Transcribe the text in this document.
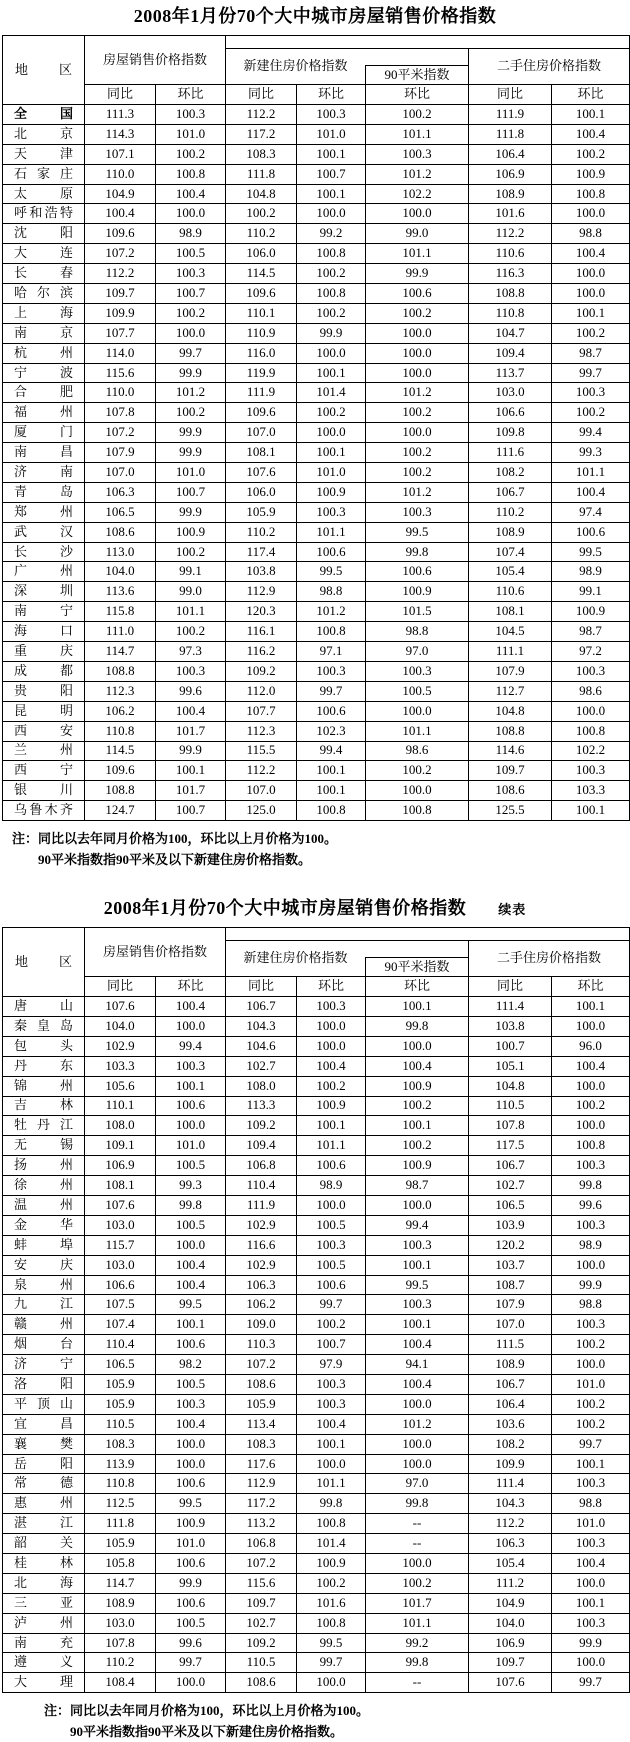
2008年1月份70个大中城市房屋销售价格指数
地区	房屋销售价格指数						
			新建住房价格指数			二手住房价格指数	
					90平米指数		
	同比	环比	同比	环比	环比	同比	环比
全国	111.3	100.3	112.2	100.3	100.2	111.9	100.1
北京	114.3	101.0	117.2	101.0	101.1	111.8	100.4
天津	107.1	100.2	108.3	100.1	100.3	106.4	100.2
石家庄	110.0	100.8	111.8	100.7	101.2	106.9	100.9
太原	104.9	100.4	104.8	100.1	102.2	108.9	100.8
呼和浩特	100.4	100.0	100.2	100.0	100.0	101.6	100.0
沈阳	109.6	98.9	110.2	99.2	99.0	112.2	98.8
大连	107.2	100.5	106.0	100.8	101.1	110.6	100.4
长春	112.2	100.3	114.5	100.2	99.9	116.3	100.0
哈尔滨	109.7	100.7	109.6	100.8	100.6	108.8	100.0
上海	109.9	100.2	110.1	100.2	100.2	110.8	100.1
南京	107.7	100.0	110.9	99.9	100.0	104.7	100.2
杭州	114.0	99.7	116.0	100.0	100.0	109.4	98.7
宁波	115.6	99.9	119.9	100.1	100.0	113.7	99.7
合肥	110.0	101.2	111.9	101.4	101.2	103.0	100.3
福州	107.8	100.2	109.6	100.2	100.2	106.6	100.2
厦门	107.2	99.9	107.0	100.0	100.0	109.8	99.4
南昌	107.9	99.9	108.1	100.1	100.2	111.6	99.3
济南	107.0	101.0	107.6	101.0	100.2	108.2	101.1
青岛	106.3	100.7	106.0	100.9	101.2	106.7	100.4
郑州	106.5	99.9	105.9	100.3	100.3	110.2	97.4
武汉	108.6	100.9	110.2	101.1	99.5	108.9	100.6
长沙	113.0	100.2	117.4	100.6	99.8	107.4	99.5
广州	104.0	99.1	103.8	99.5	100.6	105.4	98.9
深圳	113.6	99.0	112.9	98.8	100.9	110.6	99.1
南宁	115.8	101.1	120.3	101.2	101.5	108.1	100.9
海口	111.0	100.2	116.1	100.8	98.8	104.5	98.7
重庆	114.7	97.3	116.2	97.1	97.0	111.1	97.2
成都	108.8	100.3	109.2	100.3	100.3	107.9	100.3
贵阳	112.3	99.6	112.0	99.7	100.5	112.7	98.6
昆明	106.2	100.4	107.7	100.6	100.0	104.8	100.0
西安	110.8	101.7	112.3	102.3	101.1	108.8	100.8
兰州	114.5	99.9	115.5	99.4	98.6	114.6	102.2
西宁	109.6	100.1	112.2	100.1	100.2	109.7	100.3
银川	108.8	101.7	107.0	100.1	100.0	108.6	103.3
乌鲁木齐	124.7	100.7	125.0	100.8	100.8	125.5	100.1
注：同比以去年同月价格为100，环比以上月价格为100。
90平米指数指90平米及以下新建住房价格指数。
2008年1月份70个大中城市房屋销售价格指数 续表
地区	房屋销售价格指数						
			新建住房价格指数			二手住房价格指数	
					90平米指数		
	同比	环比	同比	环比	环比	同比	环比
唐山	107.6	100.4	106.7	100.3	100.1	111.4	100.1
秦皇岛	104.0	100.0	104.3	100.0	99.8	103.8	100.0
包头	102.9	99.4	104.6	100.0	100.0	100.7	96.0
丹东	103.3	100.3	102.7	100.4	100.4	105.1	100.4
锦州	105.6	100.1	108.0	100.2	100.9	104.8	100.0
吉林	110.1	100.6	113.3	100.9	100.2	110.5	100.2
牡丹江	108.0	100.0	109.2	100.1	100.1	107.8	100.0
无锡	109.1	101.0	109.4	101.1	100.2	117.5	100.8
扬州	106.9	100.5	106.8	100.6	100.9	106.7	100.3
徐州	108.1	99.3	110.4	98.9	98.7	102.7	99.8
温州	107.6	99.8	111.9	100.0	100.0	106.5	99.6
金华	103.0	100.5	102.9	100.5	99.4	103.9	100.3
蚌埠	115.7	100.0	116.6	100.3	100.3	120.2	98.9
安庆	103.0	100.4	102.9	100.5	100.1	103.7	100.0
泉州	106.6	100.4	106.3	100.6	99.5	108.7	99.9
九江	107.5	99.5	106.2	99.7	100.3	107.9	98.8
赣州	107.4	100.1	109.0	100.2	100.1	107.0	100.3
烟台	110.4	100.6	110.3	100.7	100.4	111.5	100.2
济宁	106.5	98.2	107.2	97.9	94.1	108.9	100.0
洛阳	105.9	100.5	108.6	100.3	100.4	106.7	101.0
平顶山	105.9	100.3	105.9	100.3	100.0	106.4	100.2
宜昌	110.5	100.4	113.4	100.4	101.2	103.6	100.2
襄樊	108.3	100.0	108.3	100.1	100.0	108.2	99.7
岳阳	113.9	100.0	117.6	100.0	100.0	109.9	100.1
常德	110.8	100.6	112.9	101.1	97.0	111.4	100.3
惠州	112.5	99.5	117.2	99.8	99.8	104.3	98.8
湛江	111.8	100.9	113.2	100.8	--	112.2	101.0
韶关	105.9	101.0	106.8	101.4	--	106.3	100.3
桂林	105.8	100.6	107.2	100.9	100.0	105.4	100.4
北海	114.7	99.9	115.6	100.2	100.2	111.2	100.0
三亚	108.9	100.6	109.7	101.6	101.7	104.9	100.1
泸州	103.0	100.5	102.7	100.8	101.1	104.0	100.3
南充	107.8	99.6	109.2	99.5	99.2	106.9	99.9
遵义	110.2	99.7	110.5	99.7	99.8	109.7	100.0
大理	108.4	100.0	108.6	100.0	--	107.6	99.7
注：同比以去年同月价格为100，环比以上月价格为100。
90平米指数指90平米及以下新建住房价格指数。
